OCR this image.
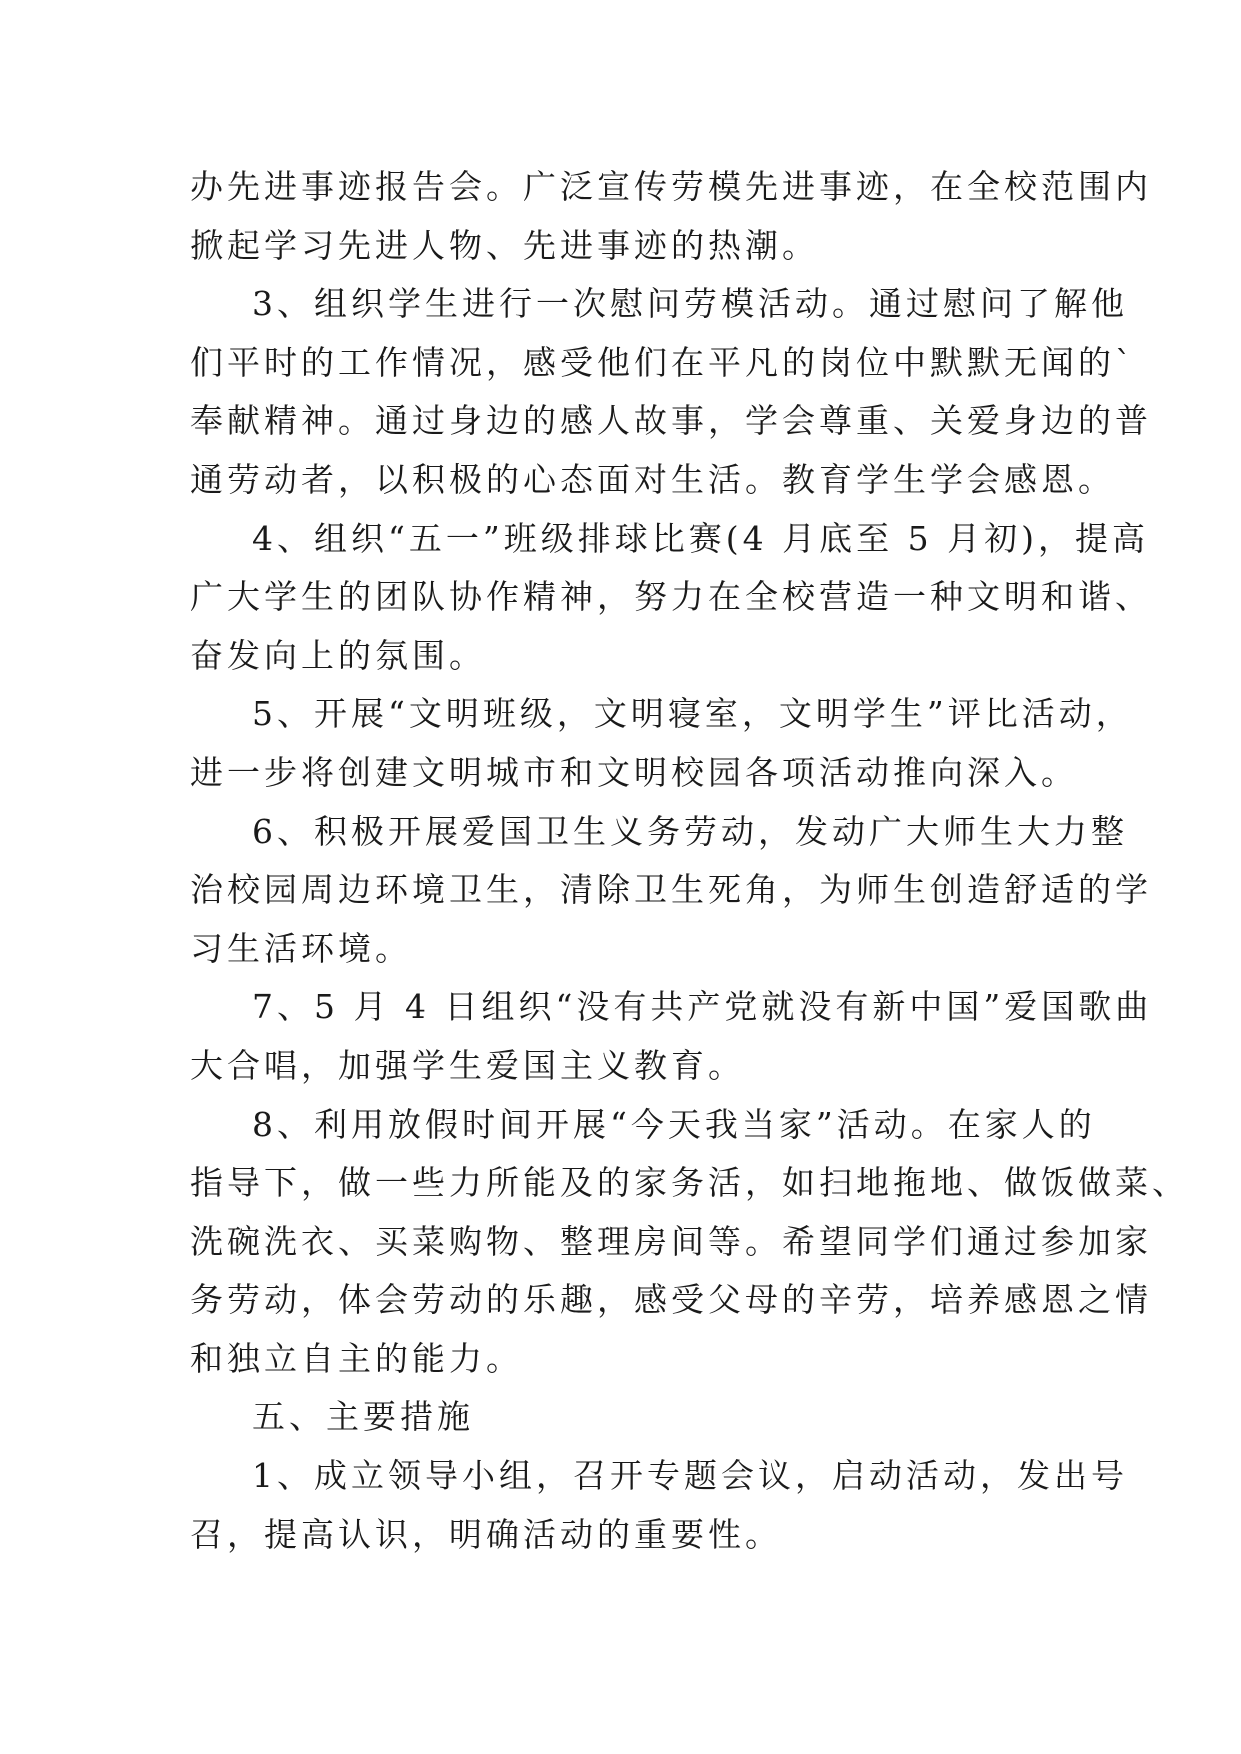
办先进事迹报告会。广泛宣传劳模先进事迹，在全校范围内
掀起学习先进人物、先进事迹的热潮。
3、组织学生进行一次慰问劳模活动。通过慰问了解他
们平时的工作情况，感受他们在平凡的岗位中默默无闻的`
奉献精神。通过身边的感人故事，学会尊重、关爱身边的普
通劳动者，以积极的心态面对生活。教育学生学会感恩。
4、组织“五一”班级排球比赛(4 月底至 5 月初)，提高
广大学生的团队协作精神，努力在全校营造一种文明和谐、
奋发向上的氛围。
5、开展“文明班级，文明寝室，文明学生”评比活动，
进一步将创建文明城市和文明校园各项活动推向深入。
6、积极开展爱国卫生义务劳动，发动广大师生大力整
治校园周边环境卫生，清除卫生死角，为师生创造舒适的学
习生活环境。
7、5 月 4 日组织“没有共产党就没有新中国”爱国歌曲
大合唱，加强学生爱国主义教育。
8、利用放假时间开展“今天我当家”活动。在家人的
指导下，做一些力所能及的家务活，如扫地拖地、做饭做菜、
洗碗洗衣、买菜购物、整理房间等。希望同学们通过参加家
务劳动，体会劳动的乐趣，感受父母的辛劳，培养感恩之情
和独立自主的能力。
五、主要措施
1、成立领导小组，召开专题会议，启动活动，发出号
召，提高认识，明确活动的重要性。
